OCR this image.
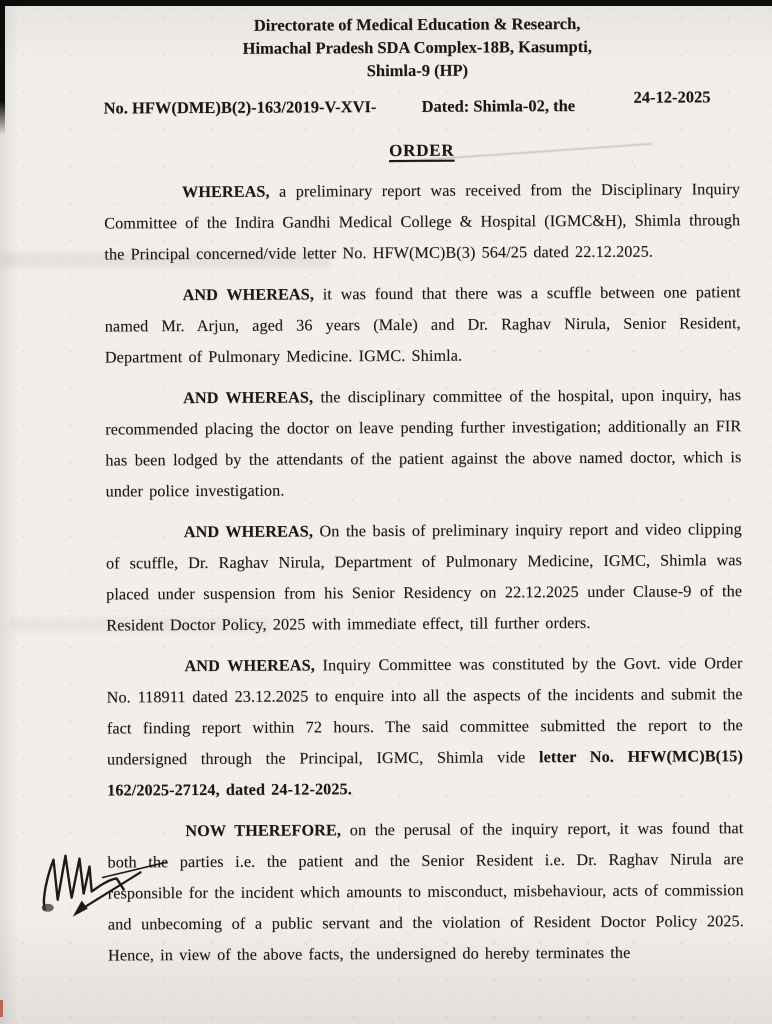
Directorate of Medical Education & Research,
Himachal Pradesh SDA Complex-18B, Kasumpti,
Shimla-9 (HP)
No. HFW(DME)B(2)-163/2019-V-XVI-	Dated: Shimla-02, the	24-12-2025
ORDER

WHEREAS, a preliminary report was received from the Disciplinary Inquiry Committee of the Indira Gandhi Medical College & Hospital (IGMC&H), Shimla through the Principal concerned/vide letter No. HFW(MC)B(3) 564/25 dated 22.12.2025.

AND WHEREAS, it was found that there was a scuffle between one patient named Mr. Arjun, aged 36 years (Male) and Dr. Raghav Nirula, Senior Resident, Department of Pulmonary Medicine. IGMC. Shimla.

AND WHEREAS, the disciplinary committee of the hospital, upon inquiry, has recommended placing the doctor on leave pending further investigation; additionally an FIR has been lodged by the attendants of the patient against the above named doctor, which is under police investigation.

AND WHEREAS, On the basis of preliminary inquiry report and video clipping of scuffle, Dr. Raghav Nirula, Department of Pulmonary Medicine, IGMC, Shimla was placed under suspension from his Senior Residency on 22.12.2025 under Clause-9 of the Resident Doctor Policy, 2025 with immediate effect, till further orders.

AND WHEREAS, Inquiry Committee was constituted by the Govt. vide Order No. 118911 dated 23.12.2025 to enquire into all the aspects of the incidents and submit the fact finding report within 72 hours. The said committee submitted the report to the undersigned through the Principal, IGMC, Shimla vide letter No. HFW(MC)B(15) 162/2025-27124, dated 24-12-2025.

NOW THEREFORE, on the perusal of the inquiry report, it was found that both the parties i.e. the patient and the Senior Resident i.e. Dr. Raghav Nirula are responsible for the incident which amounts to misconduct, misbehaviour, acts of commission and unbecoming of a public servant and the violation of Resident Doctor Policy 2025. Hence, in view of the above facts, the undersigned do hereby terminates the
